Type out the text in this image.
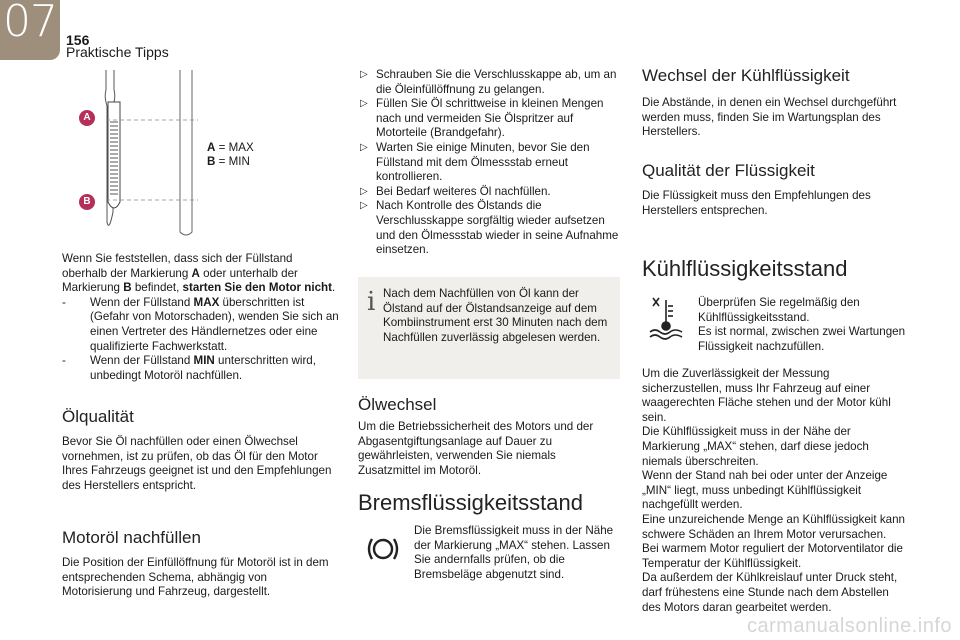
07 156
Praktische Tipps
A
B
A = MAX
B = MIN

Wenn Sie feststellen, dass sich der Füllstand oberhalb der Markierung A oder unterhalb der Markierung B befindet, starten Sie den Motor nicht.

- Wenn der Füllstand MAX überschritten ist (Gefahr von Motorschaden), wenden Sie sich an einen Vertreter des Händlernetzes oder eine qualifizierte Fachwerkstatt.
- Wenn der Füllstand MIN unterschritten wird, unbedingt Motoröl nachfüllen.
Ölqualität

Bevor Sie Öl nachfüllen oder einen Ölwechsel vornehmen, ist zu prüfen, ob das Öl für den Motor Ihres Fahrzeugs geeignet ist und den Empfehlungen des Herstellers entspricht.

Motoröl nachfüllen

Die Position der Einfüllöffnung für Motoröl ist in dem entsprechenden Schema, abhängig von Motorisierung und Fahrzeug, dargestellt.

▷ Schrauben Sie die Verschlusskappe ab, um an die Öleinfüllöffnung zu gelangen.
▷ Füllen Sie Öl schrittweise in kleinen Mengen nach und vermeiden Sie Ölspritzer auf Motorteile (Brandgefahr).
▷ Warten Sie einige Minuten, bevor Sie den Füllstand mit dem Ölmessstab erneut kontrollieren.
▷ Bei Bedarf weiteres Öl nachfüllen.
▷ Nach Kontrolle des Ölstands die Verschlusskappe sorgfältig wieder aufsetzen und den Ölmessstab wieder in seine Aufnahme einsetzen.
i Nach dem Nachfüllen von Öl kann der Ölstand auf der Ölstandsanzeige auf dem Kombiinstrument erst 30 Minuten nach dem Nachfüllen zuverlässig abgelesen werden.

Ölwechsel

Um die Betriebssicherheit des Motors und der Abgasentgiftungsanlage auf Dauer zu gewährleisten, verwenden Sie niemals Zusatzmittel im Motoröl.

Bremsflüssigkeitsstand

Die Bremsflüssigkeit muss in der Nähe der Markierung „MAX“ stehen. Lassen Sie andernfalls prüfen, ob die Bremsbeläge abgenutzt sind.

Wechsel der Kühlflüssigkeit

Die Abstände, in denen ein Wechsel durchgeführt werden muss, finden Sie im Wartungsplan des Herstellers.

Qualität der Flüssigkeit

Die Flüssigkeit muss den Empfehlungen des Herstellers entsprechen.

Kühlflüssigkeitsstand

Überprüfen Sie regelmäßig den Kühlflüssigkeitsstand.

Es ist normal, zwischen zwei Wartungen Flüssigkeit nachzufüllen.

Um die Zuverlässigkeit der Messung sicherzustellen, muss Ihr Fahrzeug auf einer waagerechten Fläche stehen und der Motor kühl sein.

Die Kühlflüssigkeit muss in der Nähe der Markierung „MAX“ stehen, darf diese jedoch niemals überschreiten.

Wenn der Stand nah bei oder unter der Anzeige „MIN“ liegt, muss unbedingt Kühlflüssigkeit nachgefüllt werden.

Eine unzureichende Menge an Kühlflüssigkeit kann schwere Schäden an Ihrem Motor verursachen.

Bei warmem Motor reguliert der Motorventilator die Temperatur der Kühlflüssigkeit.

Da außerdem der Kühlkreislauf unter Druck steht, darf frühestens eine Stunde nach dem Abstellen des Motors daran gearbeitet werden.

carmanualsonline.info
